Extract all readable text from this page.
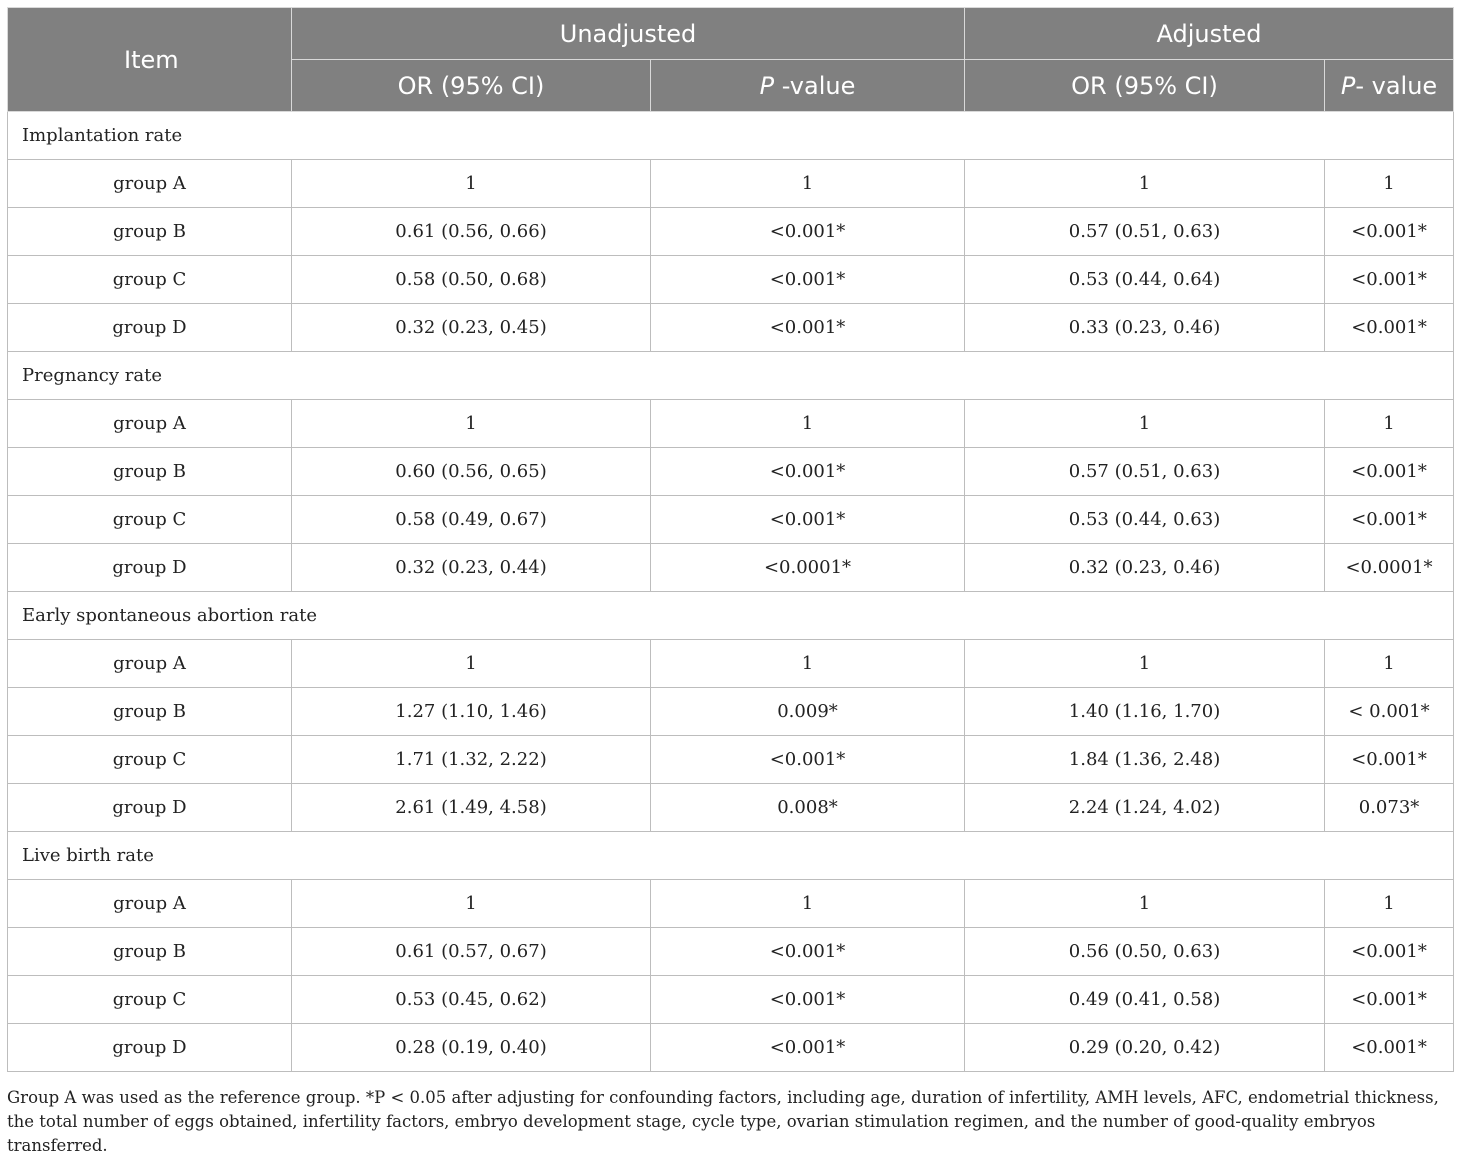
Item	Unadjusted		Adjusted	
	OR (95% CI)	P -value	OR (95% CI)	P- value
Implantation rate				
group A	1	1	1	1
group B	0.61 (0.56, 0.66)	<0.001*	0.57 (0.51, 0.63)	<0.001*
group C	0.58 (0.50, 0.68)	<0.001*	0.53 (0.44, 0.64)	<0.001*
group D	0.32 (0.23, 0.45)	<0.001*	0.33 (0.23, 0.46)	<0.001*
Pregnancy rate				
group A	1	1	1	1
group B	0.60 (0.56, 0.65)	<0.001*	0.57 (0.51, 0.63)	<0.001*
group C	0.58 (0.49, 0.67)	<0.001*	0.53 (0.44, 0.63)	<0.001*
group D	0.32 (0.23, 0.44)	<0.0001*	0.32 (0.23, 0.46)	<0.0001*
Early spontaneous abortion rate				
group A	1	1	1	1
group B	1.27 (1.10, 1.46)	0.009*	1.40 (1.16, 1.70)	< 0.001*
group C	1.71 (1.32, 2.22)	<0.001*	1.84 (1.36, 2.48)	<0.001*
group D	2.61 (1.49, 4.58)	0.008*	2.24 (1.24, 4.02)	0.073*
Live birth rate				
group A	1	1	1	1
group B	0.61 (0.57, 0.67)	<0.001*	0.56 (0.50, 0.63)	<0.001*
group C	0.53 (0.45, 0.62)	<0.001*	0.49 (0.41, 0.58)	<0.001*
group D	0.28 (0.19, 0.40)	<0.001*	0.29 (0.20, 0.42)	<0.001*
Group A was used as the reference group. *P < 0.05 after adjusting for confounding factors, including age, duration of infertility, AMH levels, AFC, endometrial thickness, the total number of eggs obtained, infertility factors, embryo development stage, cycle type, ovarian stimulation regimen, and the number of good-quality embryos transferred.
